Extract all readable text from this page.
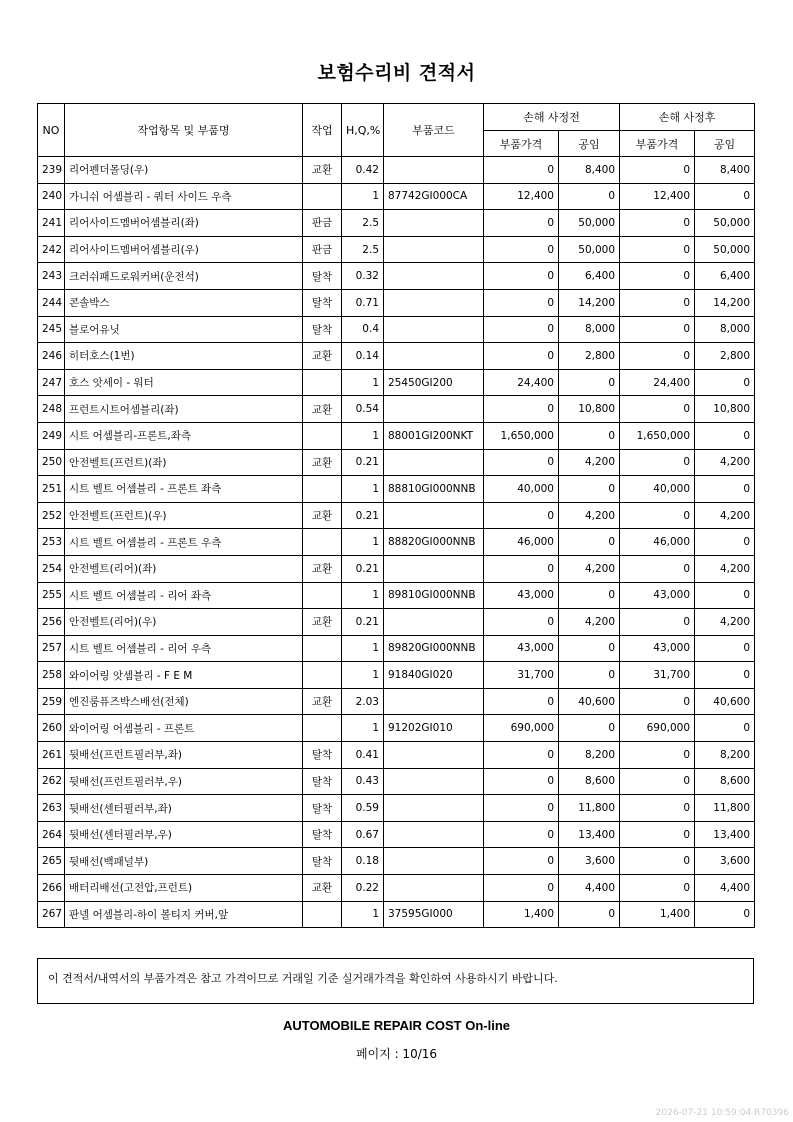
보험수리비 견적서
NO	작업항목 및 부품명	작업	H,Q,%	부품코드	손해 사정전		손해 사정후	
					부품가격	공임	부품가격	공임
239	리어펜더몰딩(우)	교환	0.42		0	8,400	0	8,400
240	가니쉬 어셈블리 - 쿼터 사이드 우측		1	87742GI000CA	12,400	0	12,400	0
241	리어사이드멤버어셈블리(좌)	판금	2.5		0	50,000	0	50,000
242	리어사이드멤버어셈블리(우)	판금	2.5		0	50,000	0	50,000
243	크러쉬패드로워커버(운전석)	탈착	0.32		0	6,400	0	6,400
244	콘솔박스	탈착	0.71		0	14,200	0	14,200
245	블로어유닛	탈착	0.4		0	8,000	0	8,000
246	히터호스(1번)	교환	0.14		0	2,800	0	2,800
247	호스 앗세이 - 워터		1	25450GI200	24,400	0	24,400	0
248	프런트시트어셈블리(좌)	교환	0.54		0	10,800	0	10,800
249	시트 어셈블리-프론트,좌측		1	88001GI200NKT	1,650,000	0	1,650,000	0
250	안전벨트(프런트)(좌)	교환	0.21		0	4,200	0	4,200
251	시트 벨트 어셈블리 - 프론트 좌측		1	88810GI000NNB	40,000	0	40,000	0
252	안전벨트(프런트)(우)	교환	0.21		0	4,200	0	4,200
253	시트 벨트 어셈블리 - 프론트 우측		1	88820GI000NNB	46,000	0	46,000	0
254	안전벨트(리어)(좌)	교환	0.21		0	4,200	0	4,200
255	시트 벨트 어셈블리 - 리어 좌측		1	89810GI000NNB	43,000	0	43,000	0
256	안전벨트(리어)(우)	교환	0.21		0	4,200	0	4,200
257	시트 벨트 어셈블리 - 리어 우측		1	89820GI000NNB	43,000	0	43,000	0
258	와이어링 앗셈블리 - F E M		1	91840GI020	31,700	0	31,700	0
259	엔진룸퓨즈박스배선(전체)	교환	2.03		0	40,600	0	40,600
260	와이어링 어셈블리 - 프론트		1	91202GI010	690,000	0	690,000	0
261	뒷배선(프런트필러부,좌)	탈착	0.41		0	8,200	0	8,200
262	뒷배선(프런트필러부,우)	탈착	0.43		0	8,600	0	8,600
263	뒷배선(센터필러부,좌)	탈착	0.59		0	11,800	0	11,800
264	뒷배선(센터필러부,우)	탈착	0.67		0	13,400	0	13,400
265	뒷배선(백패널부)	탈착	0.18		0	3,600	0	3,600
266	배터리배선(고전압,프런트)	교환	0.22		0	4,400	0	4,400
267	판넬 어셈블리-하이 볼티지 커버,앞		1	37595GI000	1,400	0	1,400	0
이 견적서/내역서의 부품가격은 참고 가격이므로 거래일 기준 실거래가격을 확인하여 사용하시기 바랍니다.
AUTOMOBILE REPAIR COST On-line
페이지 : 10/16
2026-07-21 10:59:04 R70396
